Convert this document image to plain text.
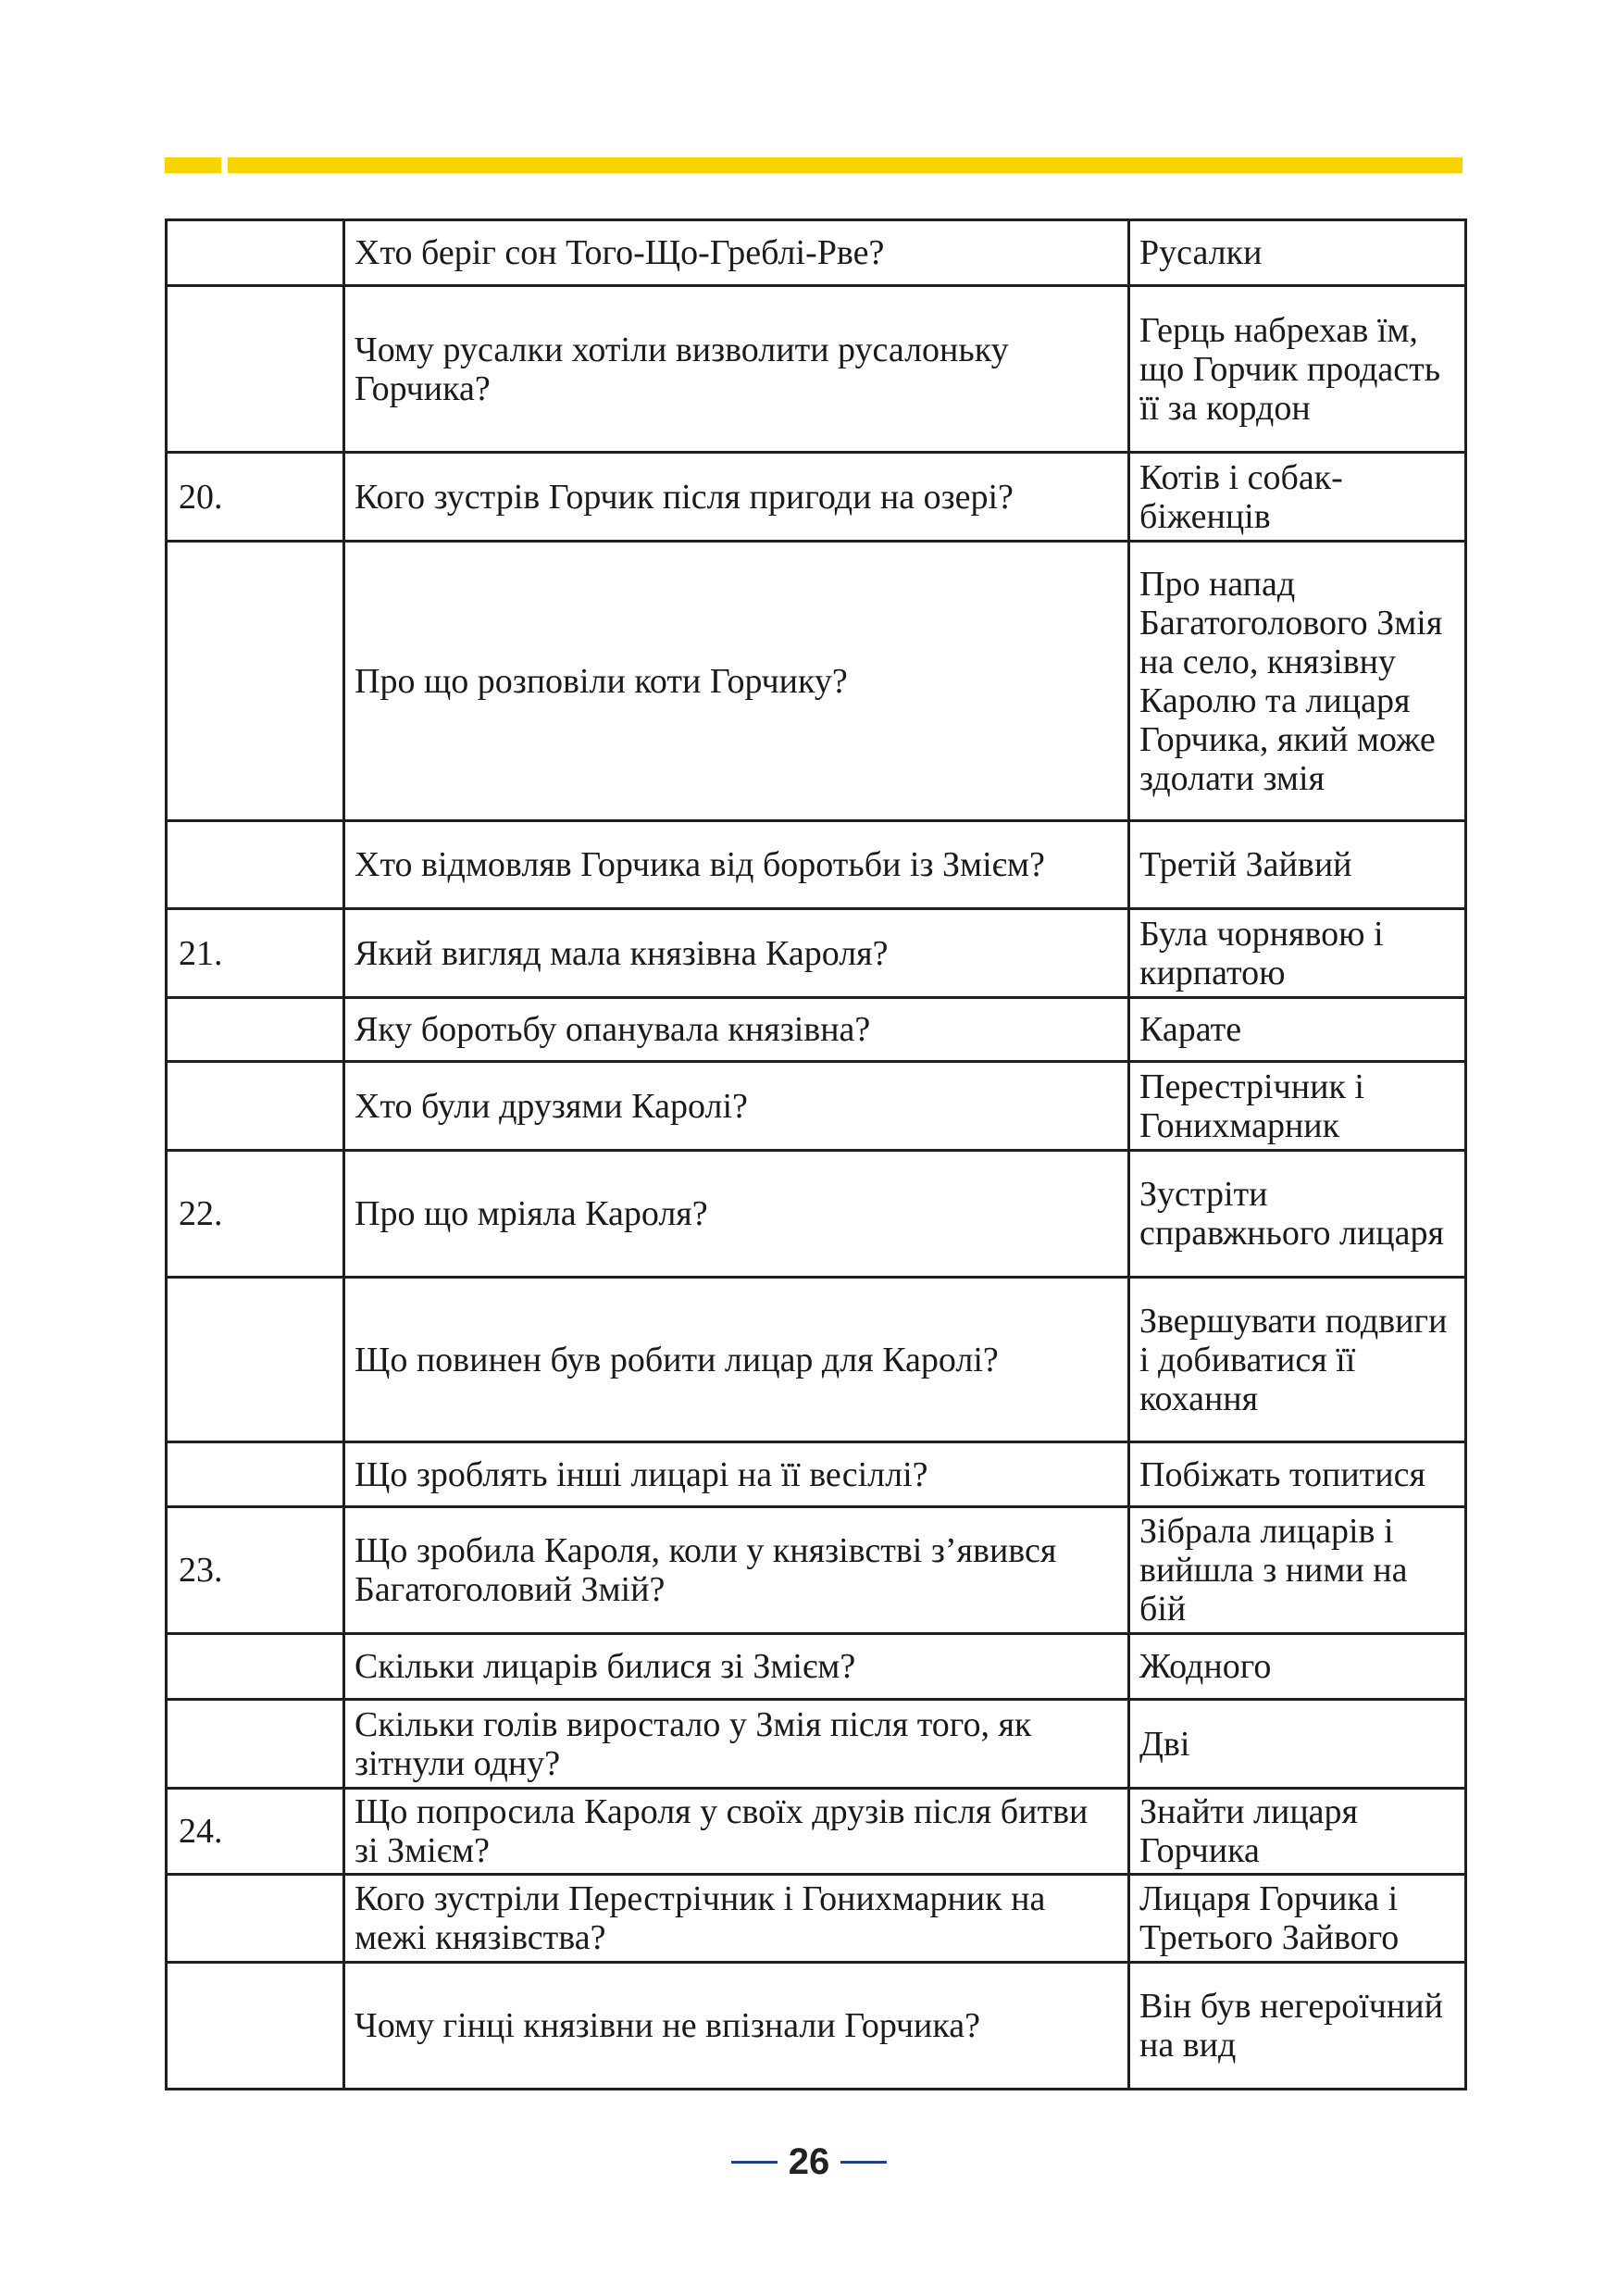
	Хто беріг сон Того-Що-Греблі-Рве?	Русалки
	Чому русалки хотіли визволити русалоньку Горчика?	Герць набрехав їм, що Горчик продасть її за кордон
20.	Кого зустрів Горчик після пригоди на озері?	Котів і собак-біженців
	Про що розповіли коти Горчику?	Про напад Багатоголового Змія на село, князівну Каролю та лицаря Горчика, який може здолати змія
	Хто відмовляв Горчика від боротьби із Змієм?	Третій Зайвий
21.	Який вигляд мала князівна Кароля?	Була чорнявою і кирпатою
	Яку боротьбу опанувала князівна?	Карате
	Хто були друзями Каролі?	Перестрічник і Гонихмарник
22.	Про що мріяла Кароля?	Зустріти справжнього лицаря
	Що повинен був робити лицар для Каролі?	Звершувати подвиги і добиватися її кохання
	Що зроблять інші лицарі на її весіллі?	Побіжать топитися
23.	Що зробила Кароля, коли у князівстві з’явився Багатоголовий Змій?	Зібрала лицарів і вийшла з ними на бій
	Скільки лицарів билися зі Змієм?	Жодного
	Скільки голів виростало у Змія після того, як зітнули одну?	Дві
24.	Що попросила Кароля у своїх друзів після битви зі Змієм?	Знайти лицаря Горчика
	Кого зустріли Перестрічник і Гонихмарник на межі князівства?	Лицаря Горчика і Третього Зайвого
	Чому гінці князівни не впізнали Горчика?	Він був негероїчний на вид
26
